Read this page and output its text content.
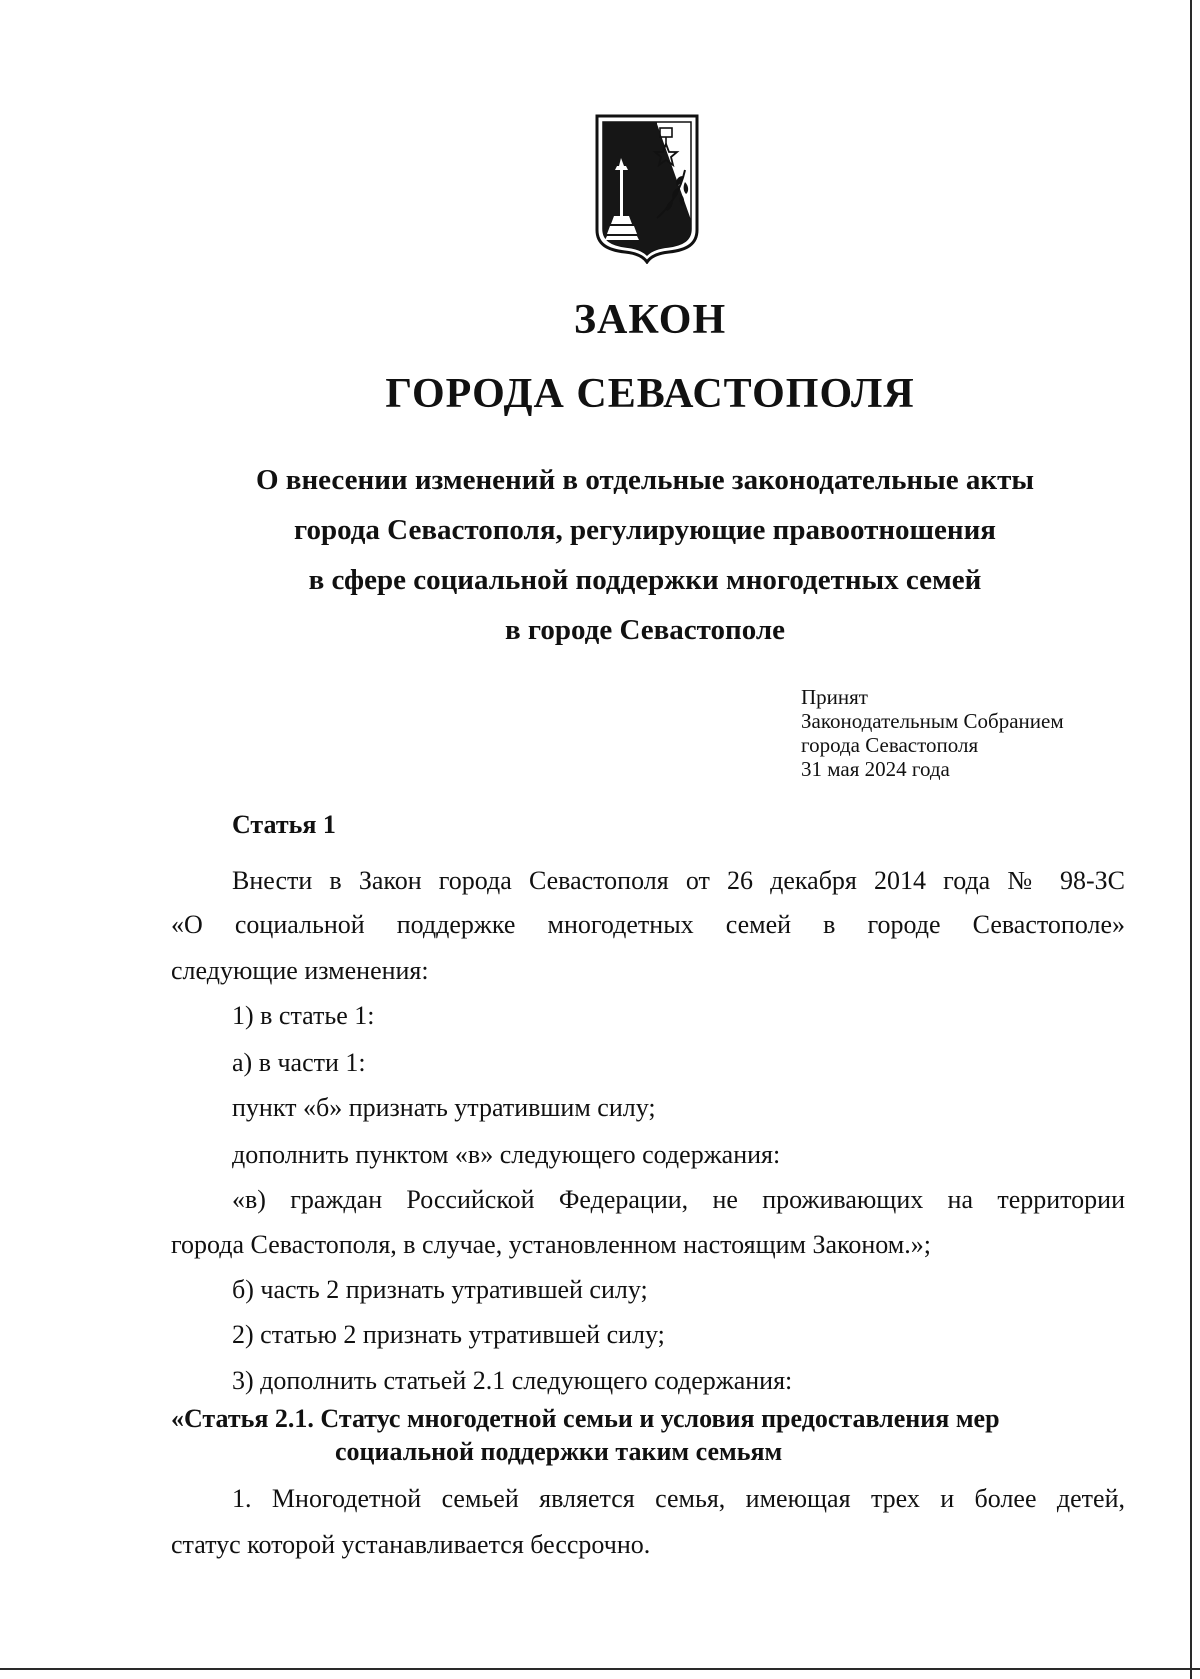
ЗАКОН
ГОРОДА СЕВАСТОПОЛЯ
О внесении изменений в отдельные законодательные акты
города Севастополя, регулирующие правоотношения
в сфере социальной поддержки многодетных семей
в городе Севастополе
Принят
Законодательным Собранием
города Севастополя
31 мая 2024 года
Статья 1
Внести в Закон города Севастополя от 26 декабря 2014 года № 98-ЗС
«О социальной поддержке многодетных семей в городе Севастополе»
следующие изменения:
1) в статье 1:
а) в части 1:
пункт «б» признать утратившим силу;
дополнить пунктом «в» следующего содержания:
«в) граждан Российской Федерации, не проживающих на территории
города Севастополя, в случае, установленном настоящим Законом.»;
б) часть 2 признать утратившей силу;
2) статью 2 признать утратившей силу;
3) дополнить статьей 2.1 следующего содержания:
«Статья 2.1. Статус многодетной семьи и условия предоставления мер
социальной поддержки таким семьям
1. Многодетной семьей является семья, имеющая трех и более детей,
статус которой устанавливается бессрочно.
